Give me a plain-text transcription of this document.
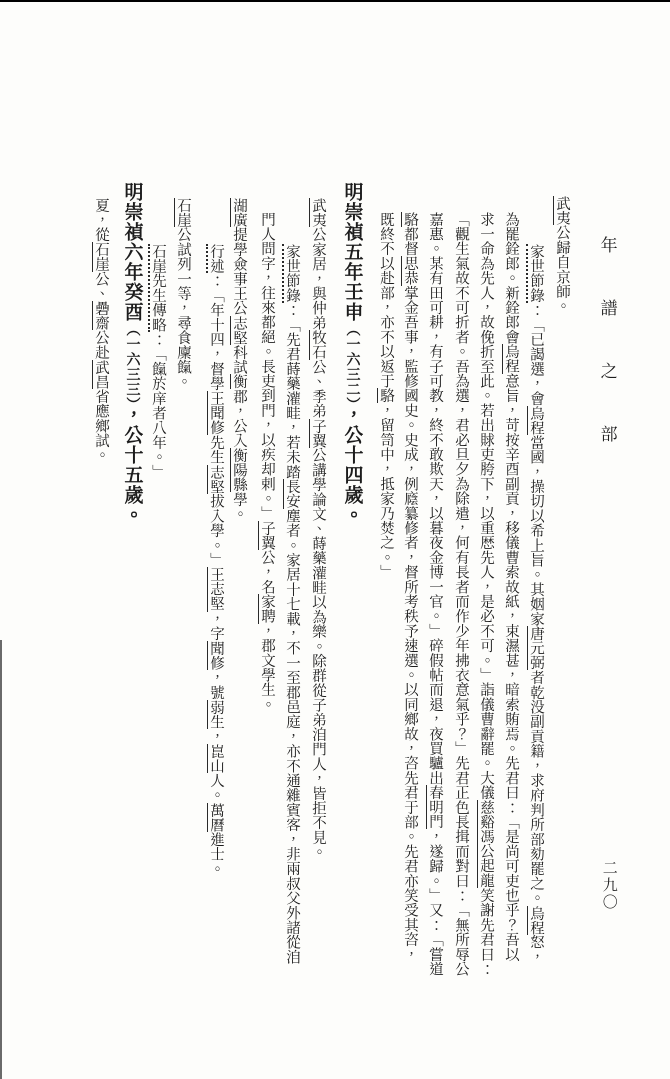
年譜之部
二九〇
武夷公歸自京師。
家世節錄：「已謁選，會烏程當國，操切以希上旨。其姻家唐元弼者乾没副貢籍，求府判所部劾罷之。烏程怒，
為罷銓郎。新銓郎會烏程意旨，苛按辛酉副貢，移儀曹索故紙，束濕甚，暗索賄焉。先君曰：「是尚可吏也乎？吾以
求一命為先人，故俛折至此。若出賕吏胯下，以重厯先人，是必不可。」詣儀曹辭罷。大儀慈谿馮公起龍笑謝先君曰：
「觀生氣故不可折者。吾為選，君必旦夕為除遣，何有長者而作少年拂衣意氣乎？」先君正色長揖而對曰：「無所辱公
嘉惠。某有田可耕，有子可教，終不敢欺天，以暮夜金博一官。」碎假帖而退，夜買驢出春明門，遂歸。」又：「嘗道
駱都督思恭掌金吾事，監修國史。史成，例廕纂修者，督所考秩予速選。以同鄉故，咨先君于部。先君亦笑受其咨，
既終不以赴部，亦不以返于駱，留笥中，抵家乃焚之。」
明崇禎五年壬申（一六三二），公十四歲。
武夷公家居，與仲弟牧石公、季弟子翼公講學論文、蒔藥灌畦以為樂。除群從子弟洎門人，皆拒不見。
家世節錄：「先君蒔藥灌畦，若未踏長安塵者。家居十七載，不一至郡邑庭，亦不通雜賓客，非兩叔父外諸從洎
門人問字，往來都絕。長吏到門，以疾却剌。」子翼公，名家聘，郡文學生。
湖廣提學僉事王公志堅科試衡郡，公入衡陽縣學。
行述：「年十四，督學王聞修先生志堅拔入學。」王志堅，字聞修，號弱生，崑山人。萬曆進士。
石崖公試列一等，尋食廩餼。
石崖先生傳略：「餼於庠者八年。」
明崇禎六年癸酉（一六三三），公十五歲。
夏，從石崖公、礨齋公赴武昌省應鄉試。
